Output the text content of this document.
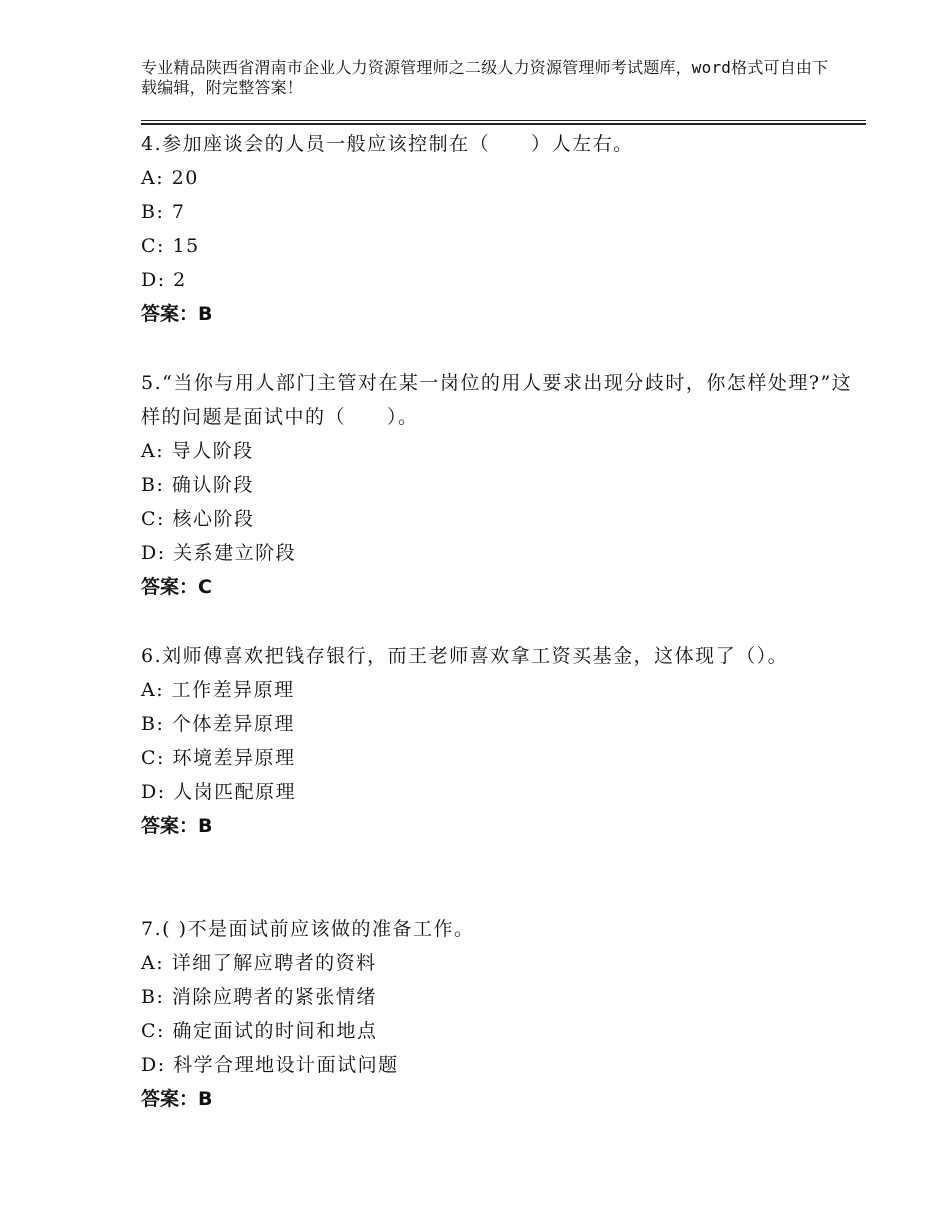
专业精品陕西省渭南市企业人力资源管理师之二级人力资源管理师考试题库，word格式可自由下载编辑，附完整答案！

4.参加座谈会的人员一般应该控制在（　　）人左右。

A: 20

B: 7

C: 15

D: 2

答案：B

5.“当你与用人部门主管对在某一岗位的用人要求出现分歧时，你怎样处理?”这样的问题是面试中的（　　）。

A: 导人阶段

B: 确认阶段

C: 核心阶段

D: 关系建立阶段

答案：C

6.刘师傅喜欢把钱存银行，而王老师喜欢拿工资买基金，这体现了（）。

A: 工作差异原理

B: 个体差异原理

C: 环境差异原理

D: 人岗匹配原理

答案：B

7.( )不是面试前应该做的准备工作。

A: 详细了解应聘者的资料

B: 消除应聘者的紧张情绪

C: 确定面试的时间和地点

D: 科学合理地设计面试问题

答案：B
